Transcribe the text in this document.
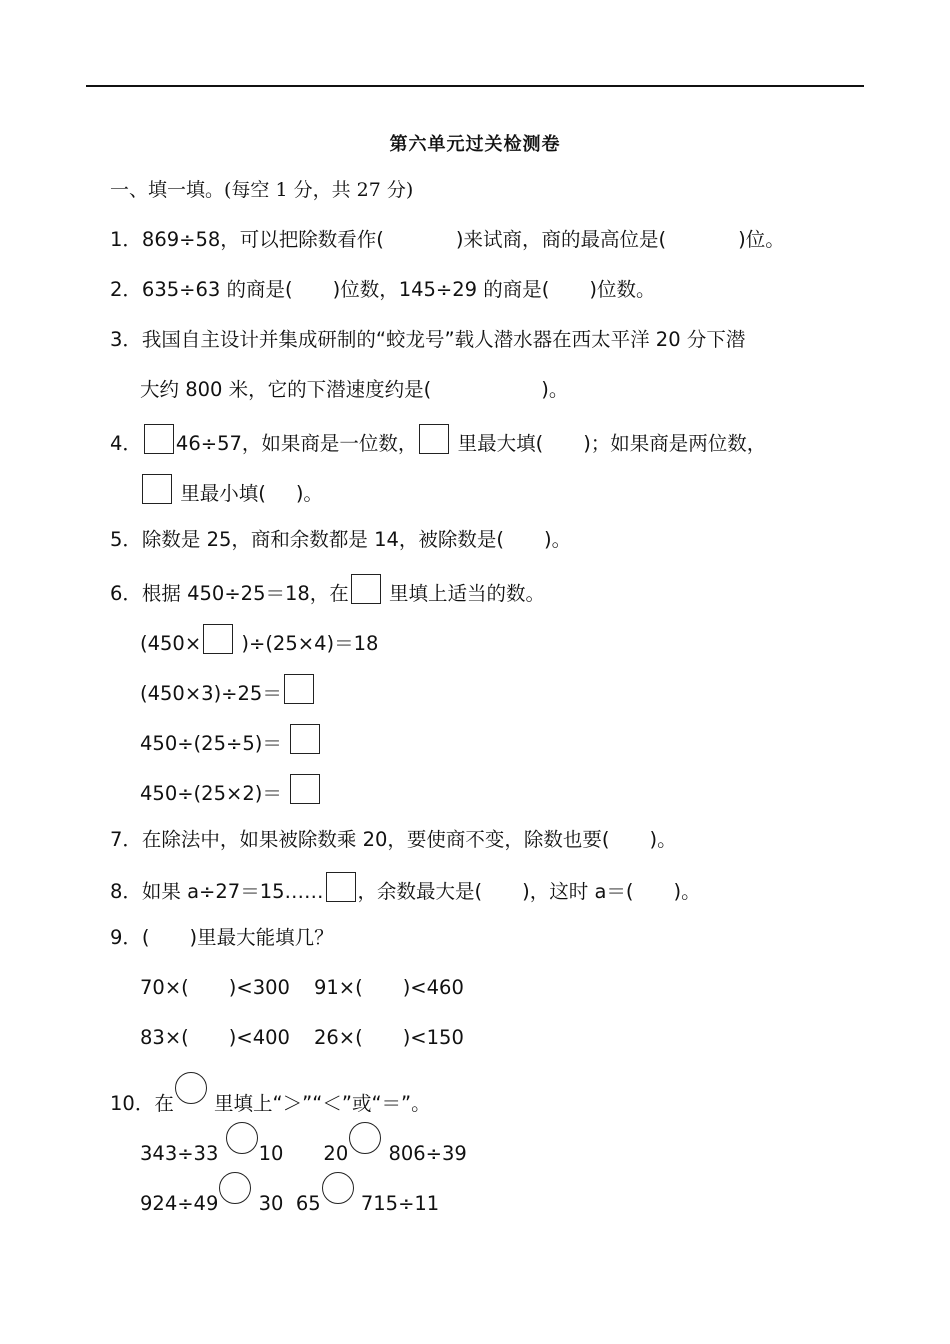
第六单元过关检测卷
一、填一填。(每空 1 分，共 27 分)
1．869÷58，可以把除数看作(	)来试商，商的最高位是(	)位。
2．635÷63 的商是( )位数，145÷29 的商是( )位数。
3．我国自主设计并集成研制的“蛟龙号”载人潜水器在西太平洋 20 分下潜
大约 800 米，它的下潜速度约是(	)。
4． 46÷57，如果商是一位数， 里最大填( )；如果商是两位数，
里最小填( )。
5．除数是 25，商和余数都是 14，被除数是( )。
6．根据 450÷25＝18，在 里填上适当的数。
(450× )÷(25×4)＝18
(450×3)÷25＝
450÷(25÷5)＝
450÷(25×2)＝
7．在除法中，如果被除数乘 20，要使商不变，除数也要( )。
8．如果 a÷27＝15…… ，余数最大是( )，这时 a＝( )。
9．( )里最大能填几？
70×( )<300 91×( )<460
83×( )<400 26×( )<150
10．在 里填上“＞”“＜”或“＝”。
343÷33 10 20 806÷39
924÷49 30 65 715÷11
